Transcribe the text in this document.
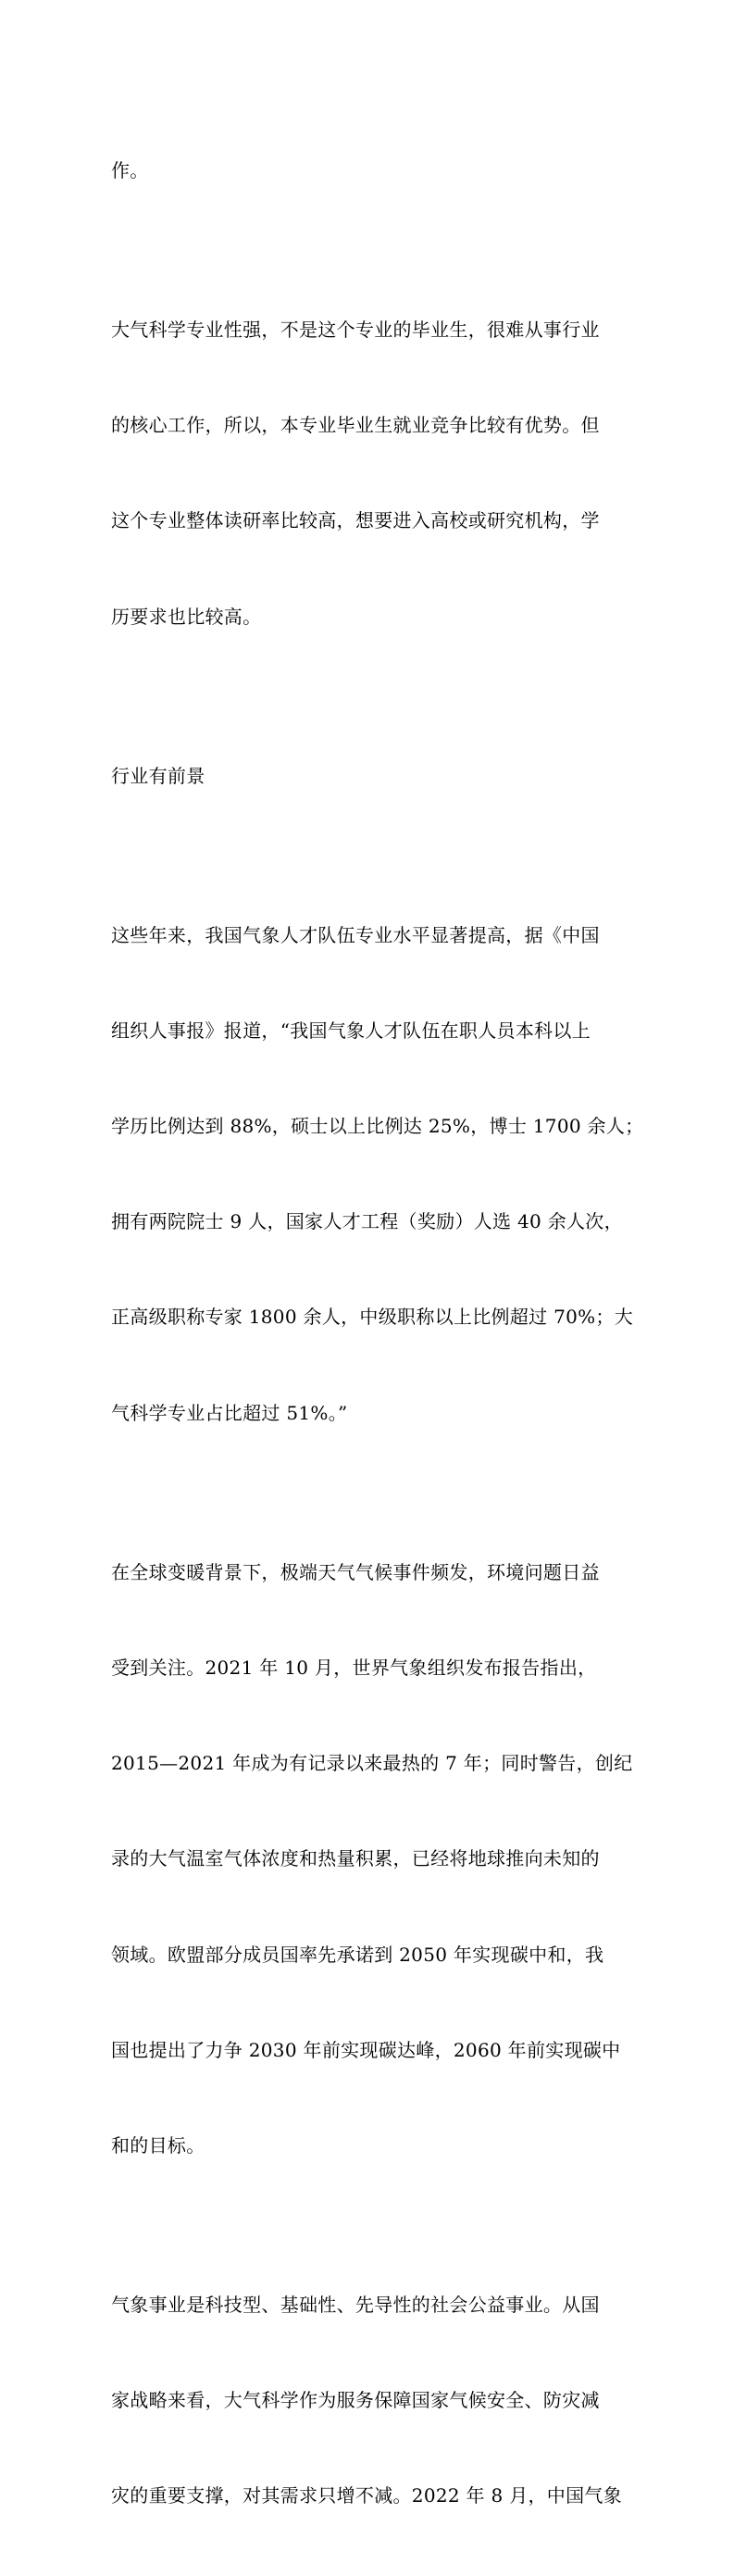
作。

大气科学专业性强，不是这个专业的毕业生，很难从事行业

的核心工作，所以，本专业毕业生就业竞争比较有优势。但

这个专业整体读研率比较高，想要进入高校或研究机构，学

历要求也比较高。

行业有前景

这些年来，我国气象人才队伍专业水平显著提高，据《中国

组织人事报》报道，“我国气象人才队伍在职人员本科以上

学历比例达到 88%，硕士以上比例达 25%，博士 1700 余人；

拥有两院院士 9 人，国家人才工程（奖励）人选 40 余人次，

正高级职称专家 1800 余人，中级职称以上比例超过 70%；大

气科学专业占比超过 51%。”

在全球变暖背景下，极端天气气候事件频发，环境问题日益

受到关注。2021 年 10 月，世界气象组织发布报告指出，

2015—2021 年成为有记录以来最热的 7 年；同时警告，创纪

录的大气温室气体浓度和热量积累，已经将地球推向未知的

领域。欧盟部分成员国率先承诺到 2050 年实现碳中和，我

国也提出了力争 2030 年前实现碳达峰，2060 年前实现碳中

和的目标。

气象事业是科技型、基础性、先导性的社会公益事业。从国

家战略来看，大气科学作为服务保障国家气候安全、防灾减

灾的重要支撑，对其需求只增不减。2022 年 8 月，中国气象
